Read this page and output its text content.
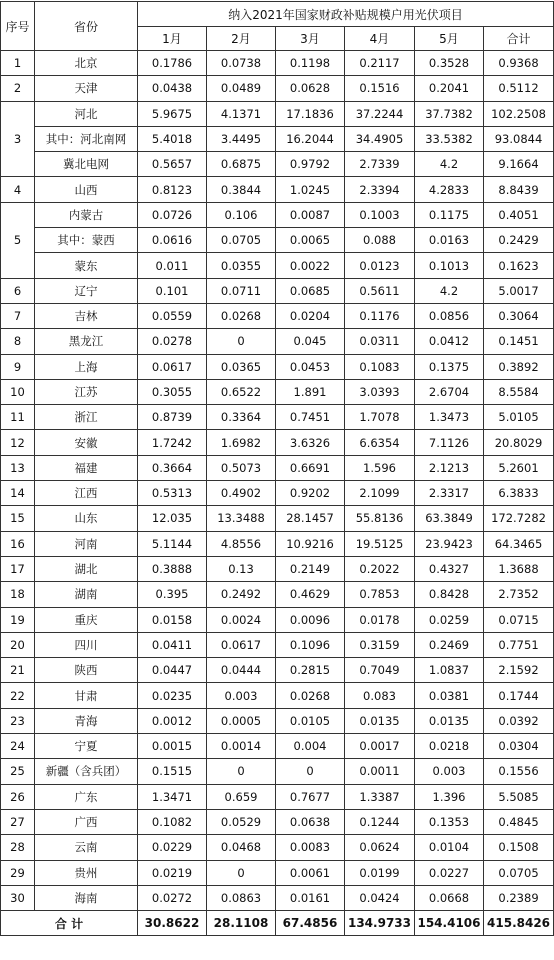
序号	省份	纳入2021年国家财政补贴规模户用光伏项目					
		1月	2月	3月	4月	5月	合计
1	北京	0.1786	0.0738	0.1198	0.2117	0.3528	0.9368
2	天津	0.0438	0.0489	0.0628	0.1516	0.2041	0.5112
3	河北	5.9675	4.1371	17.1836	37.2244	37.7382	102.2508
	其中：河北南网	5.4018	3.4495	16.2044	34.4905	33.5382	93.0844
	冀北电网	0.5657	0.6875	0.9792	2.7339	4.2	9.1664
4	山西	0.8123	0.3844	1.0245	2.3394	4.2833	8.8439
5	内蒙古	0.0726	0.106	0.0087	0.1003	0.1175	0.4051
	其中：蒙西	0.0616	0.0705	0.0065	0.088	0.0163	0.2429
	蒙东	0.011	0.0355	0.0022	0.0123	0.1013	0.1623
6	辽宁	0.101	0.0711	0.0685	0.5611	4.2	5.0017
7	吉林	0.0559	0.0268	0.0204	0.1176	0.0856	0.3064
8	黑龙江	0.0278	0	0.045	0.0311	0.0412	0.1451
9	上海	0.0617	0.0365	0.0453	0.1083	0.1375	0.3892
10	江苏	0.3055	0.6522	1.891	3.0393	2.6704	8.5584
11	浙江	0.8739	0.3364	0.7451	1.7078	1.3473	5.0105
12	安徽	1.7242	1.6982	3.6326	6.6354	7.1126	20.8029
13	福建	0.3664	0.5073	0.6691	1.596	2.1213	5.2601
14	江西	0.5313	0.4902	0.9202	2.1099	2.3317	6.3833
15	山东	12.035	13.3488	28.1457	55.8136	63.3849	172.7282
16	河南	5.1144	4.8556	10.9216	19.5125	23.9423	64.3465
17	湖北	0.3888	0.13	0.2149	0.2022	0.4327	1.3688
18	湖南	0.395	0.2492	0.4629	0.7853	0.8428	2.7352
19	重庆	0.0158	0.0024	0.0096	0.0178	0.0259	0.0715
20	四川	0.0411	0.0617	0.1096	0.3159	0.2469	0.7751
21	陕西	0.0447	0.0444	0.2815	0.7049	1.0837	2.1592
22	甘肃	0.0235	0.003	0.0268	0.083	0.0381	0.1744
23	青海	0.0012	0.0005	0.0105	0.0135	0.0135	0.0392
24	宁夏	0.0015	0.0014	0.004	0.0017	0.0218	0.0304
25	新疆（含兵团）	0.1515	0	0	0.0011	0.003	0.1556
26	广东	1.3471	0.659	0.7677	1.3387	1.396	5.5085
27	广西	0.1082	0.0529	0.0638	0.1244	0.1353	0.4845
28	云南	0.0229	0.0468	0.0083	0.0624	0.0104	0.1508
29	贵州	0.0219	0	0.0061	0.0199	0.0227	0.0705
30	海南	0.0272	0.0863	0.0161	0.0424	0.0668	0.2389
合 计		30.8622	28.1108	67.4856	134.9733	154.4106	415.8426
